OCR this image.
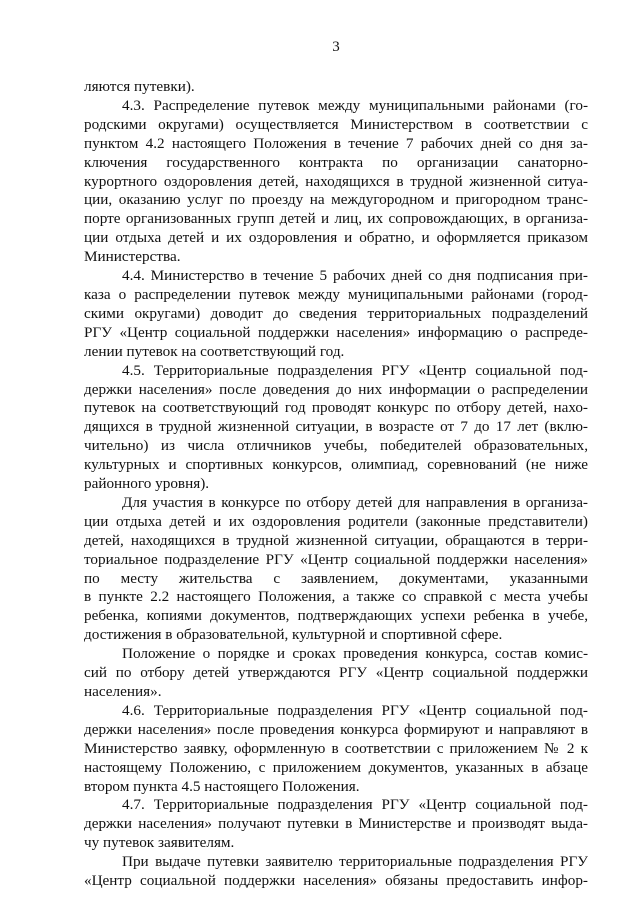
3
ляются путевки).
4.3. Распределение путевок между муниципальными районами (го-
родскими округами) осуществляется Министерством в соответствии с
пунктом 4.2 настоящего Положения в течение 7 рабочих дней со дня за-
ключения государственного контракта по организации санаторно-
курортного оздоровления детей, находящихся в трудной жизненной ситуа-
ции, оказанию услуг по проезду на междугородном и пригородном транс-
порте организованных групп детей и лиц, их сопровождающих, в организа-
ции отдыха детей и их оздоровления и обратно, и оформляется приказом
Министерства.
4.4. Министерство в течение 5 рабочих дней со дня подписания при-
каза о распределении путевок между муниципальными районами (город-
скими округами) доводит до сведения территориальных подразделений
РГУ «Центр социальной поддержки населения» информацию о распреде-
лении путевок на соответствующий год.
4.5. Территориальные подразделения РГУ «Центр социальной под-
держки населения» после доведения до них информации о распределении
путевок на соответствующий год проводят конкурс по отбору детей, нахо-
дящихся в трудной жизненной ситуации, в возрасте от 7 до 17 лет (вклю-
чительно) из числа отличников учебы, победителей образовательных,
культурных и спортивных конкурсов, олимпиад, соревнований (не ниже
районного уровня).
Для участия в конкурсе по отбору детей для направления в организа-
ции отдыха детей и их оздоровления родители (законные представители)
детей, находящихся в трудной жизненной ситуации, обращаются в терри-
ториальное подразделение РГУ «Центр социальной поддержки населения»
по месту жительства с заявлением, документами, указанными
в пункте 2.2 настоящего Положения, а также со справкой с места учебы
ребенка, копиями документов, подтверждающих успехи ребенка в учебе,
достижения в образовательной, культурной и спортивной сфере.
Положение о порядке и сроках проведения конкурса, состав комис-
сий по отбору детей утверждаются РГУ «Центр социальной поддержки
населения».
4.6. Территориальные подразделения РГУ «Центр социальной под-
держки населения» после проведения конкурса формируют и направляют в
Министерство заявку, оформленную в соответствии с приложением № 2 к
настоящему Положению, с приложением документов, указанных в абзаце
втором пункта 4.5 настоящего Положения.
4.7. Территориальные подразделения РГУ «Центр социальной под-
держки населения» получают путевки в Министерстве и производят выда-
чу путевок заявителям.
При выдаче путевки заявителю территориальные подразделения РГУ
«Центр социальной поддержки населения» обязаны предоставить инфор-
